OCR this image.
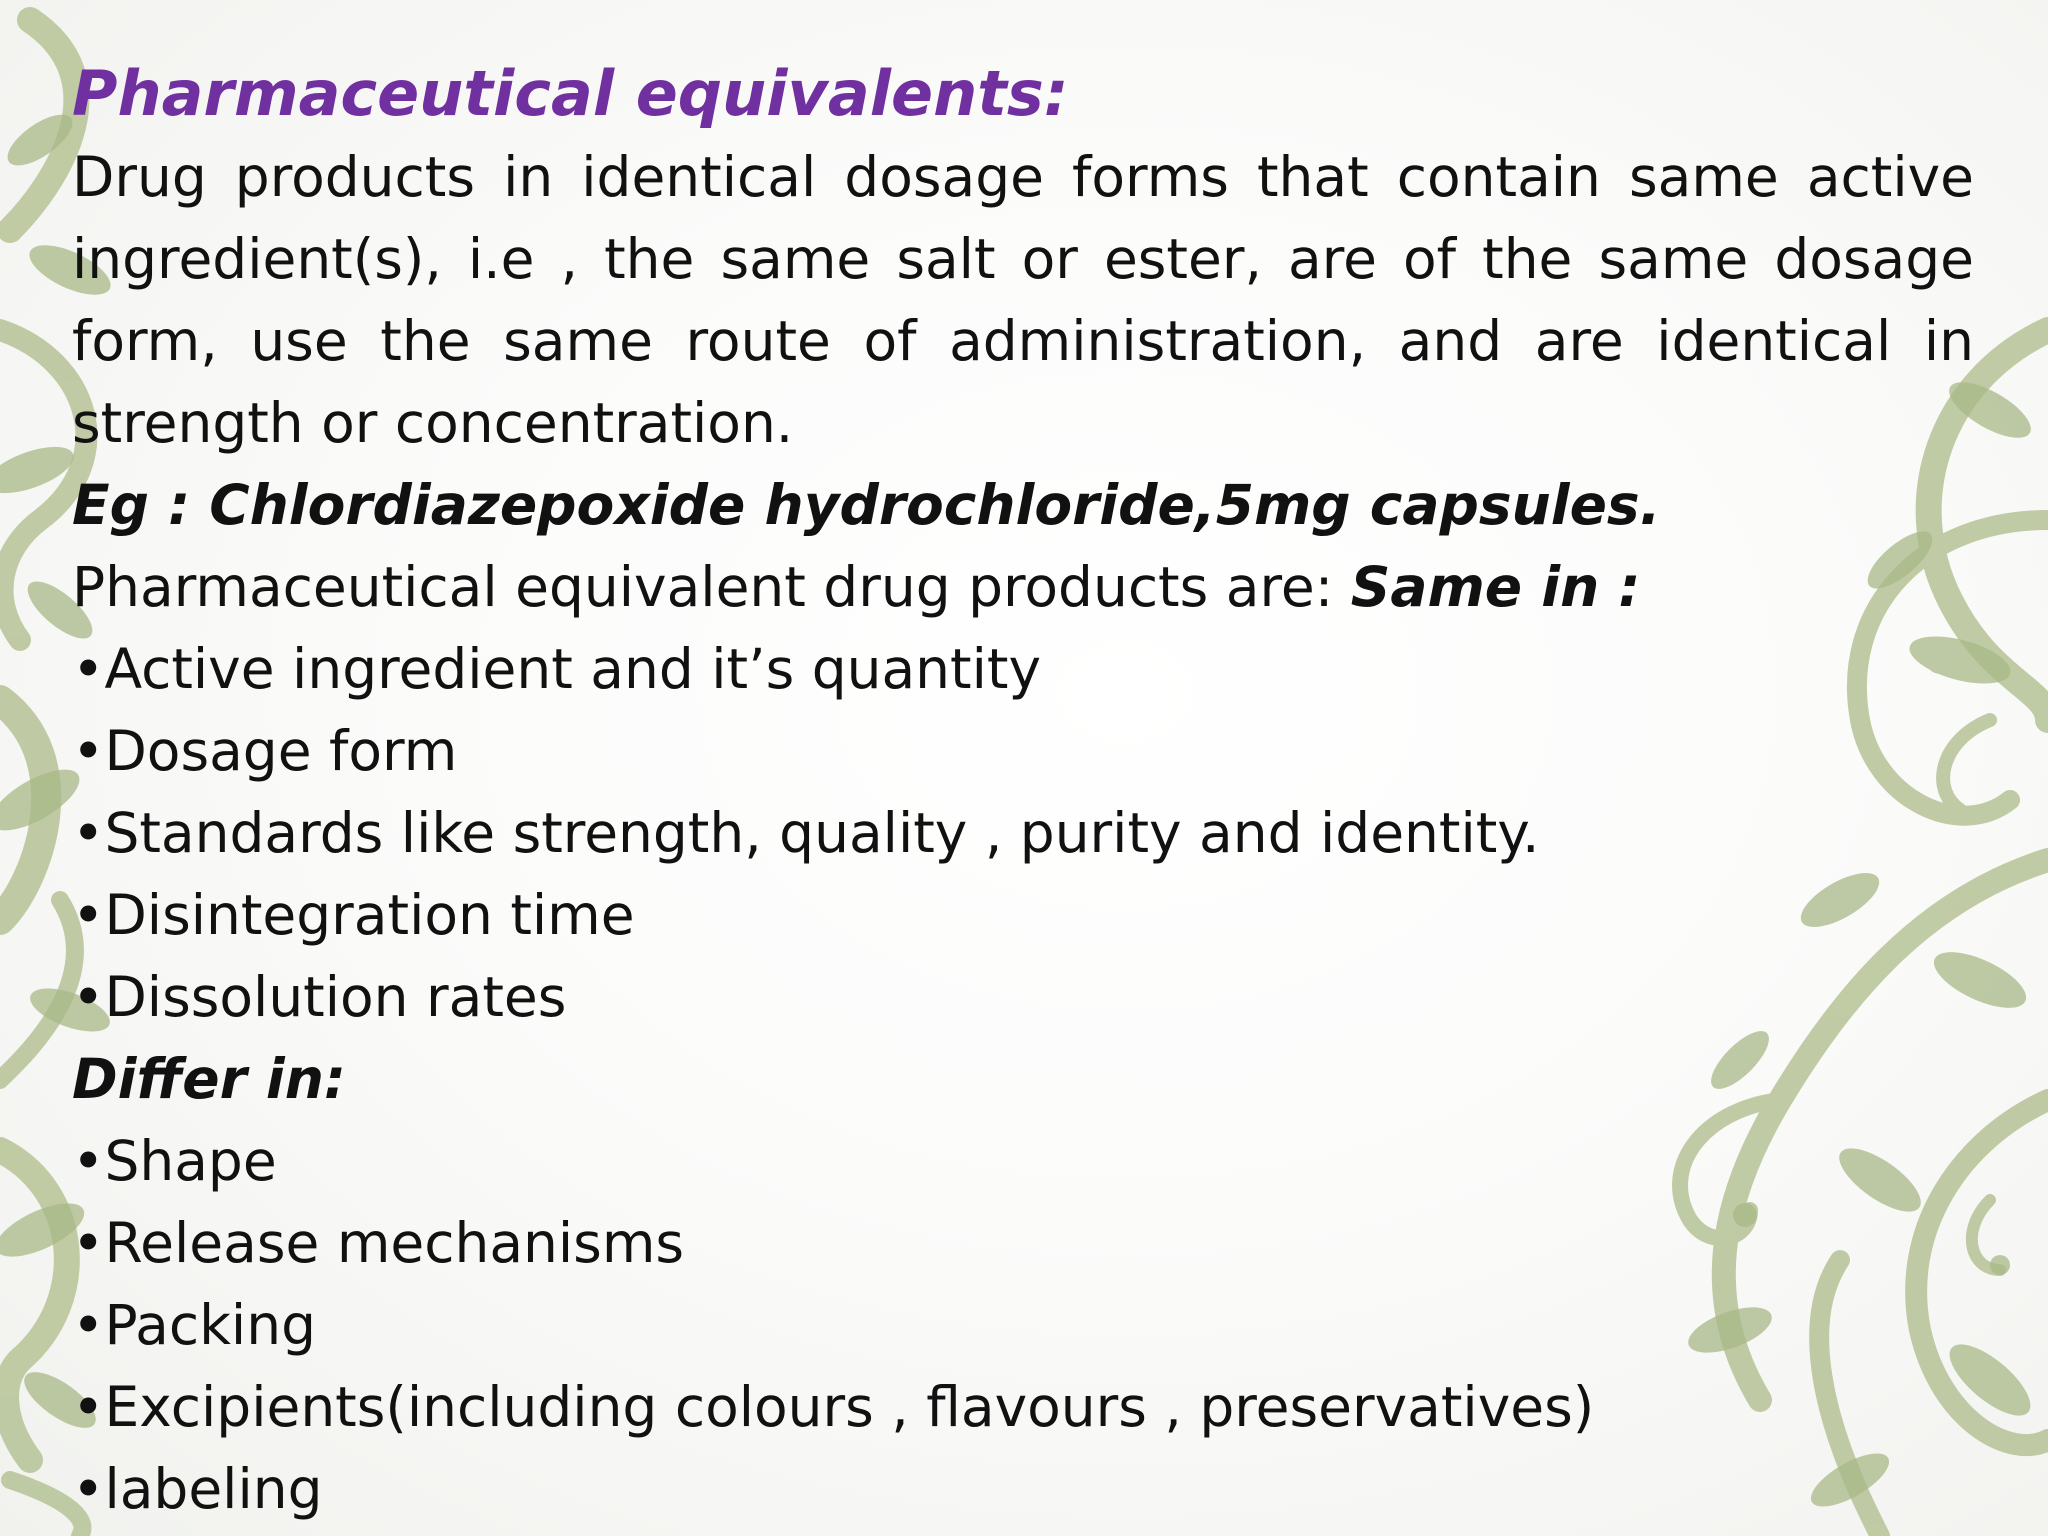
Pharmaceutical equivalents:

Drug products in identical dosage forms that contain same active ingredient(s), i.e , the same salt or ester, are of the same dosage form, use the same route of administration, and are identical in strength or concentration.

Eg : Chlordiazepoxide hydrochloride,5mg capsules.

Pharmaceutical equivalent drug products are: Same in :

•Active ingredient and it’s quantity

•Dosage form

•Standards like strength, quality , purity and identity.

•Disintegration time

•Dissolution rates

Differ in:

•Shape

•Release mechanisms

•Packing

•Excipients(including colours , flavours , preservatives)

•labeling
